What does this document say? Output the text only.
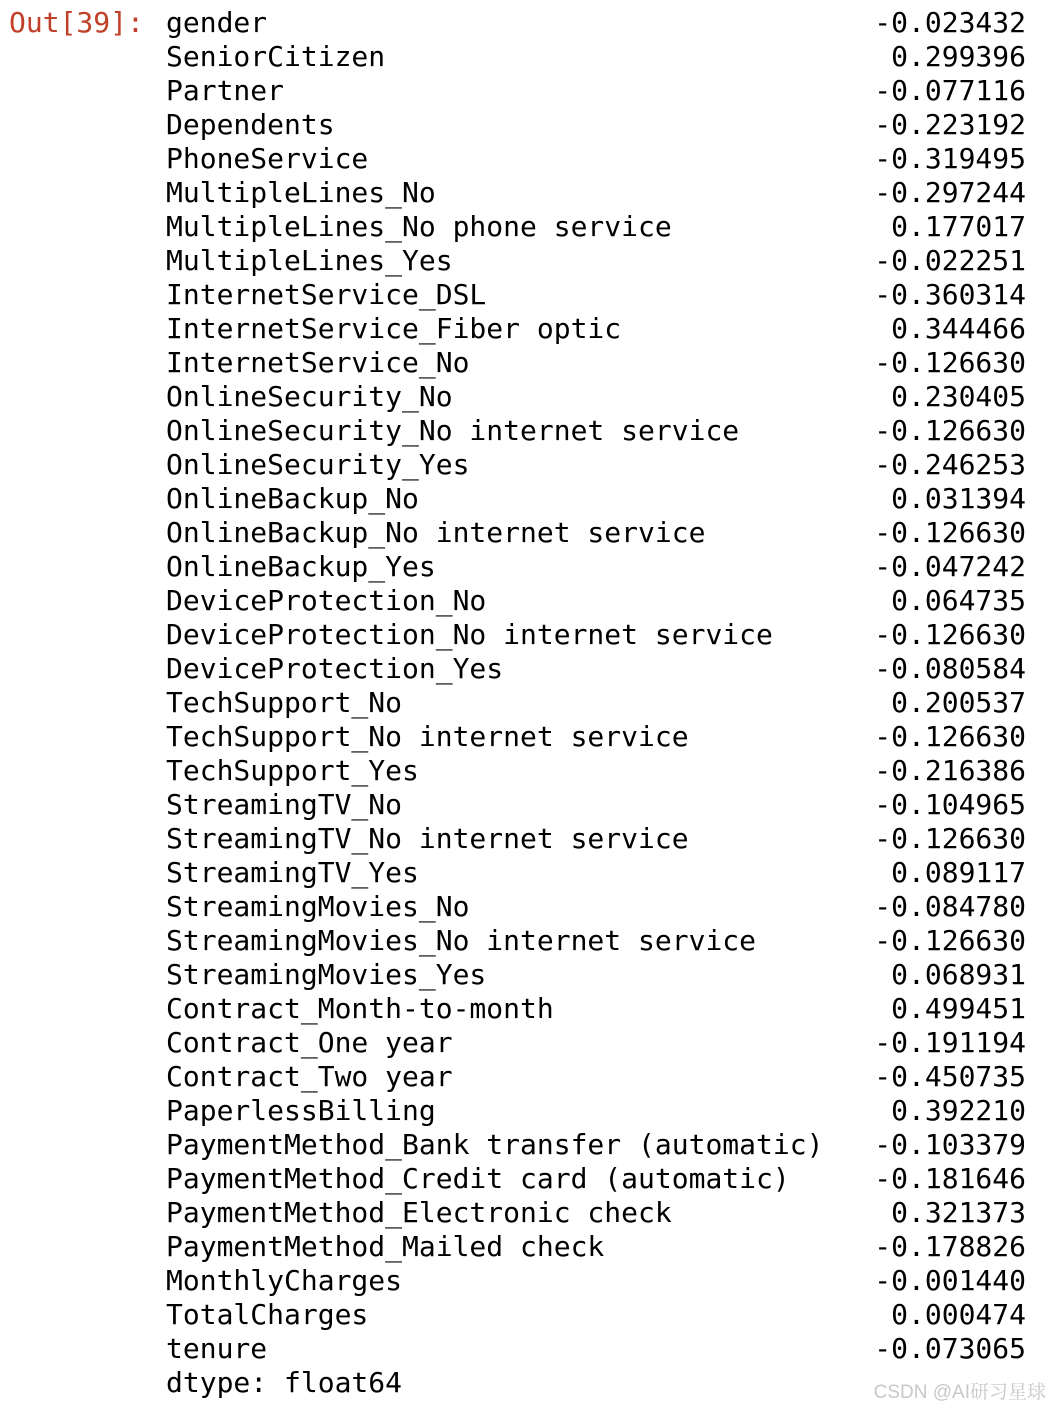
Out[39]: gender	-0.023432
SeniorCitizen	0.299396
Partner	-0.077116
Dependents	-0.223192
PhoneService	-0.319495
MultipleLines_No	-0.297244
MultipleLines_No phone service	0.177017
MultipleLines_Yes	-0.022251
InternetService_DSL	-0.360314
InternetService_Fiber optic	0.344466
InternetService_No	-0.126630
OnlineSecurity_No	0.230405
OnlineSecurity_No internet service	-0.126630
OnlineSecurity_Yes	-0.246253
OnlineBackup_No	0.031394
OnlineBackup_No internet service	-0.126630
OnlineBackup_Yes	-0.047242
DeviceProtection_No	0.064735
DeviceProtection_No internet service	-0.126630
DeviceProtection_Yes	-0.080584
TechSupport_No	0.200537
TechSupport_No internet service	-0.126630
TechSupport_Yes	-0.216386
StreamingTV_No	-0.104965
StreamingTV_No internet service	-0.126630
StreamingTV_Yes	0.089117
StreamingMovies_No	-0.084780
StreamingMovies_No internet service	-0.126630
StreamingMovies_Yes	0.068931
Contract_Month-to-month	0.499451
Contract_One year	-0.191194
Contract_Two year	-0.450735
PaperlessBilling	0.392210
PaymentMethod_Bank transfer (automatic) -0.103379
PaymentMethod_Credit card (automatic)	-0.181646
PaymentMethod_Electronic check	0.321373
PaymentMethod_Mailed check	-0.178826
MonthlyCharges	-0.001440
TotalCharges	0.000474
tenure	-0.073065
dtype: float64	CSDN @AI研习星球
